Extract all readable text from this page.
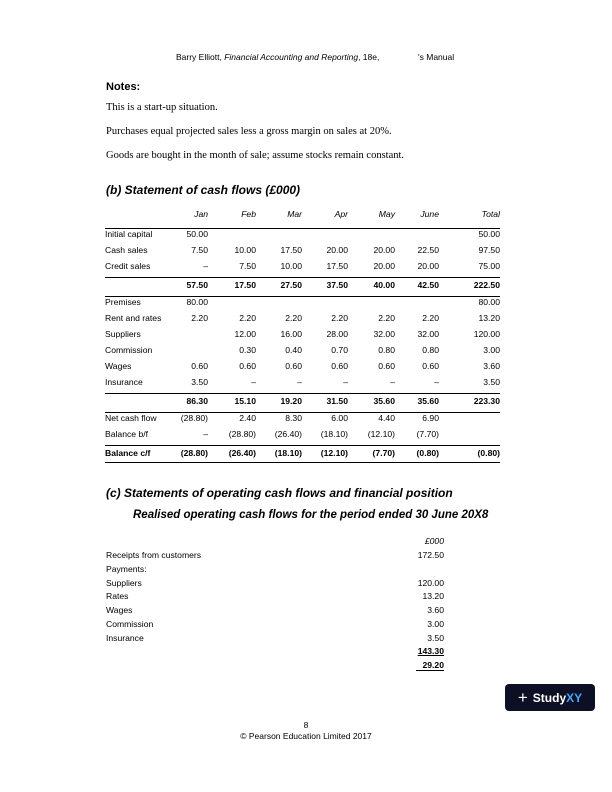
Barry Elliott, Financial Accounting and Reporting, 18e,	's Manual
Notes:
This is a start-up situation.
Purchases equal projected sales less a gross margin on sales at 20%.
Goods are bought in the month of sale; assume stocks remain constant.
(b) Statement of cash flows (£000)
	Jan	Feb	Mar	Apr	May	June	Total
Initial capital	50.00						50.00
Cash sales	7.50	10.00	17.50	20.00	20.00	22.50	97.50
Credit sales	–	7.50	10.00	17.50	20.00	20.00	75.00
	57.50	17.50	27.50	37.50	40.00	42.50	222.50
Premises	80.00						80.00
Rent and rates	2.20	2.20	2.20	2.20	2.20	2.20	13.20
Suppliers		12.00	16.00	28.00	32.00	32.00	120.00
Commission		0.30	0.40	0.70	0.80	0.80	3.00
Wages	0.60	0.60	0.60	0.60	0.60	0.60	3.60
Insurance	3.50	–	–	–	–	–	3.50
	86.30	15.10	19.20	31.50	35.60	35.60	223.30
Net cash flow	(28.80)	2.40	8.30	6.00	4.40	6.90	
Balance b/f	–	(28.80)	(26.40)	(18.10)	(12.10)	(7.70)	
Balance c/f	(28.80)	(26.40)	(18.10)	(12.10)	(7.70)	(0.80)	(0.80)
(c) Statements of operating cash flows and financial position
Realised operating cash flows for the period ended 30 June 20X8
£000
Receipts from customers	172.50
Payments:
Suppliers	120.00
Rates	13.20
Wages	3.60
Commission	3.00
Insurance	3.50
143.30
29.20
+ Study XY
8
© Pearson Education Limited 2017
